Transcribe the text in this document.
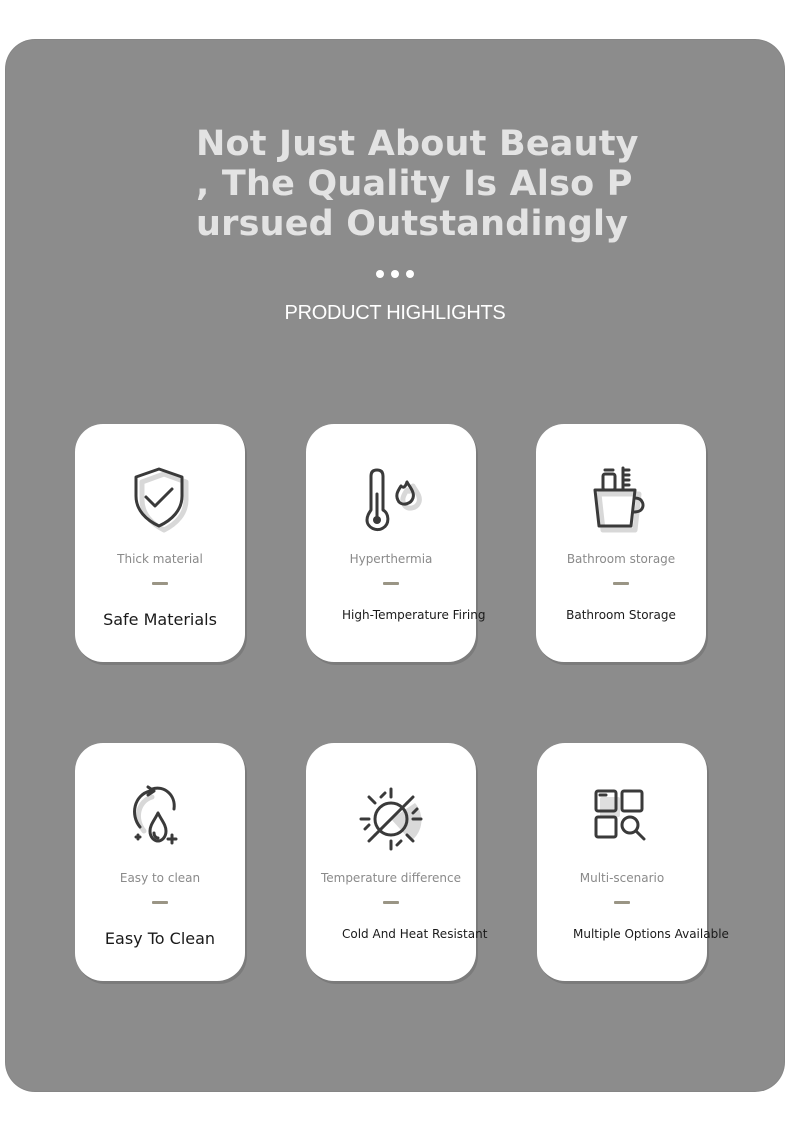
Not Just About Beauty
, The Quality Is Also P
ursued Outstandingly
PRODUCT HIGHLIGHTS
Thick material
Safe Materials
Hyperthermia
High-Temperature Firing
Bathroom storage
Bathroom Storage
Easy to clean
Easy To Clean
Temperature difference
Cold And Heat Resistant
Multi-scenario
Multiple Options Available
